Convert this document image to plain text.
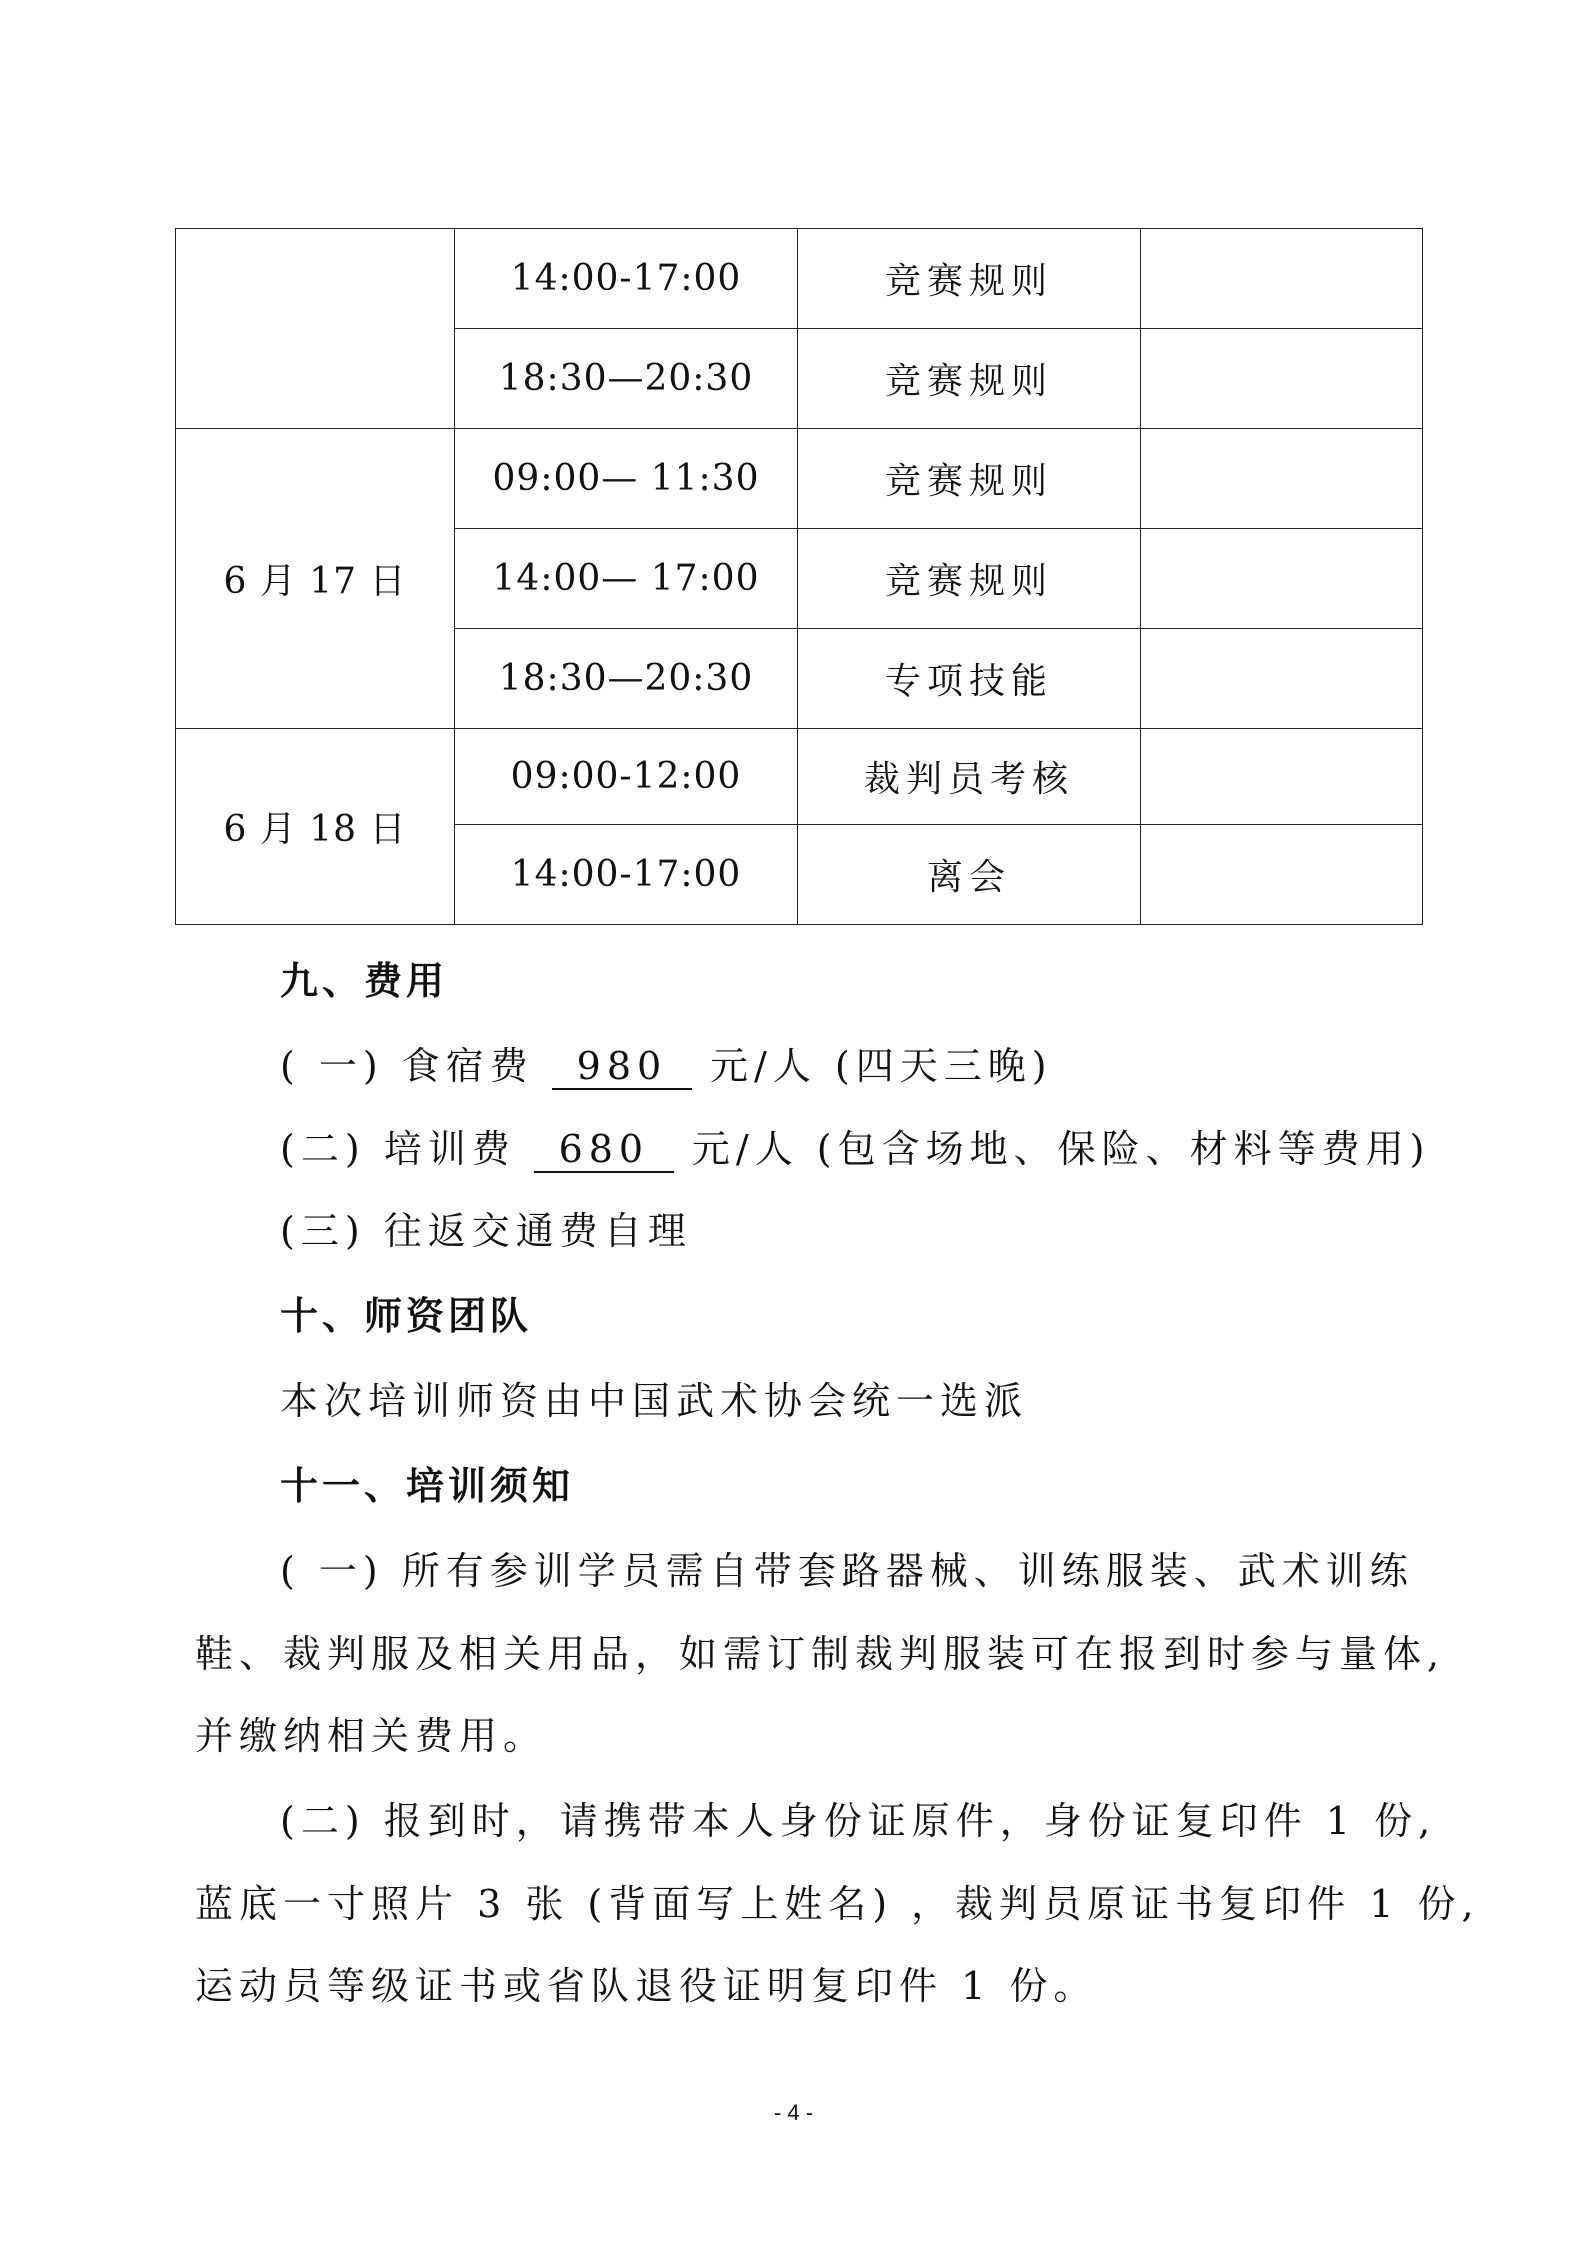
	14:00-17:00	竞赛规则	
	18:30—20:30	竞赛规则	
6 月 17 日	09:00— 11:30	竞赛规则	
	14:00— 17:00	竞赛规则	
	18:30—20:30	专项技能	
6 月 18 日	09:00-12:00	裁判员考核	
	14:00-17:00	离会	
九、费用
( 一) 食宿费 980 元/人 (四天三晚)
(二) 培训费 680 元/人 (包含场地、保险、材料等费用)
(三) 往返交通费自理
十、师资团队
本次培训师资由中国武术协会统一选派
十一、培训须知
( 一) 所有参训学员需自带套路器械、训练服装、武术训练
鞋、裁判服及相关用品，如需订制裁判服装可在报到时参与量体,
并缴纳相关费用。
(二) 报到时，请携带本人身份证原件，身份证复印件 1 份,
蓝底一寸照片 3 张 (背面写上姓名) ，裁判员原证书复印件 1 份,
运动员等级证书或省队退役证明复印件 1 份。
- 4 -
